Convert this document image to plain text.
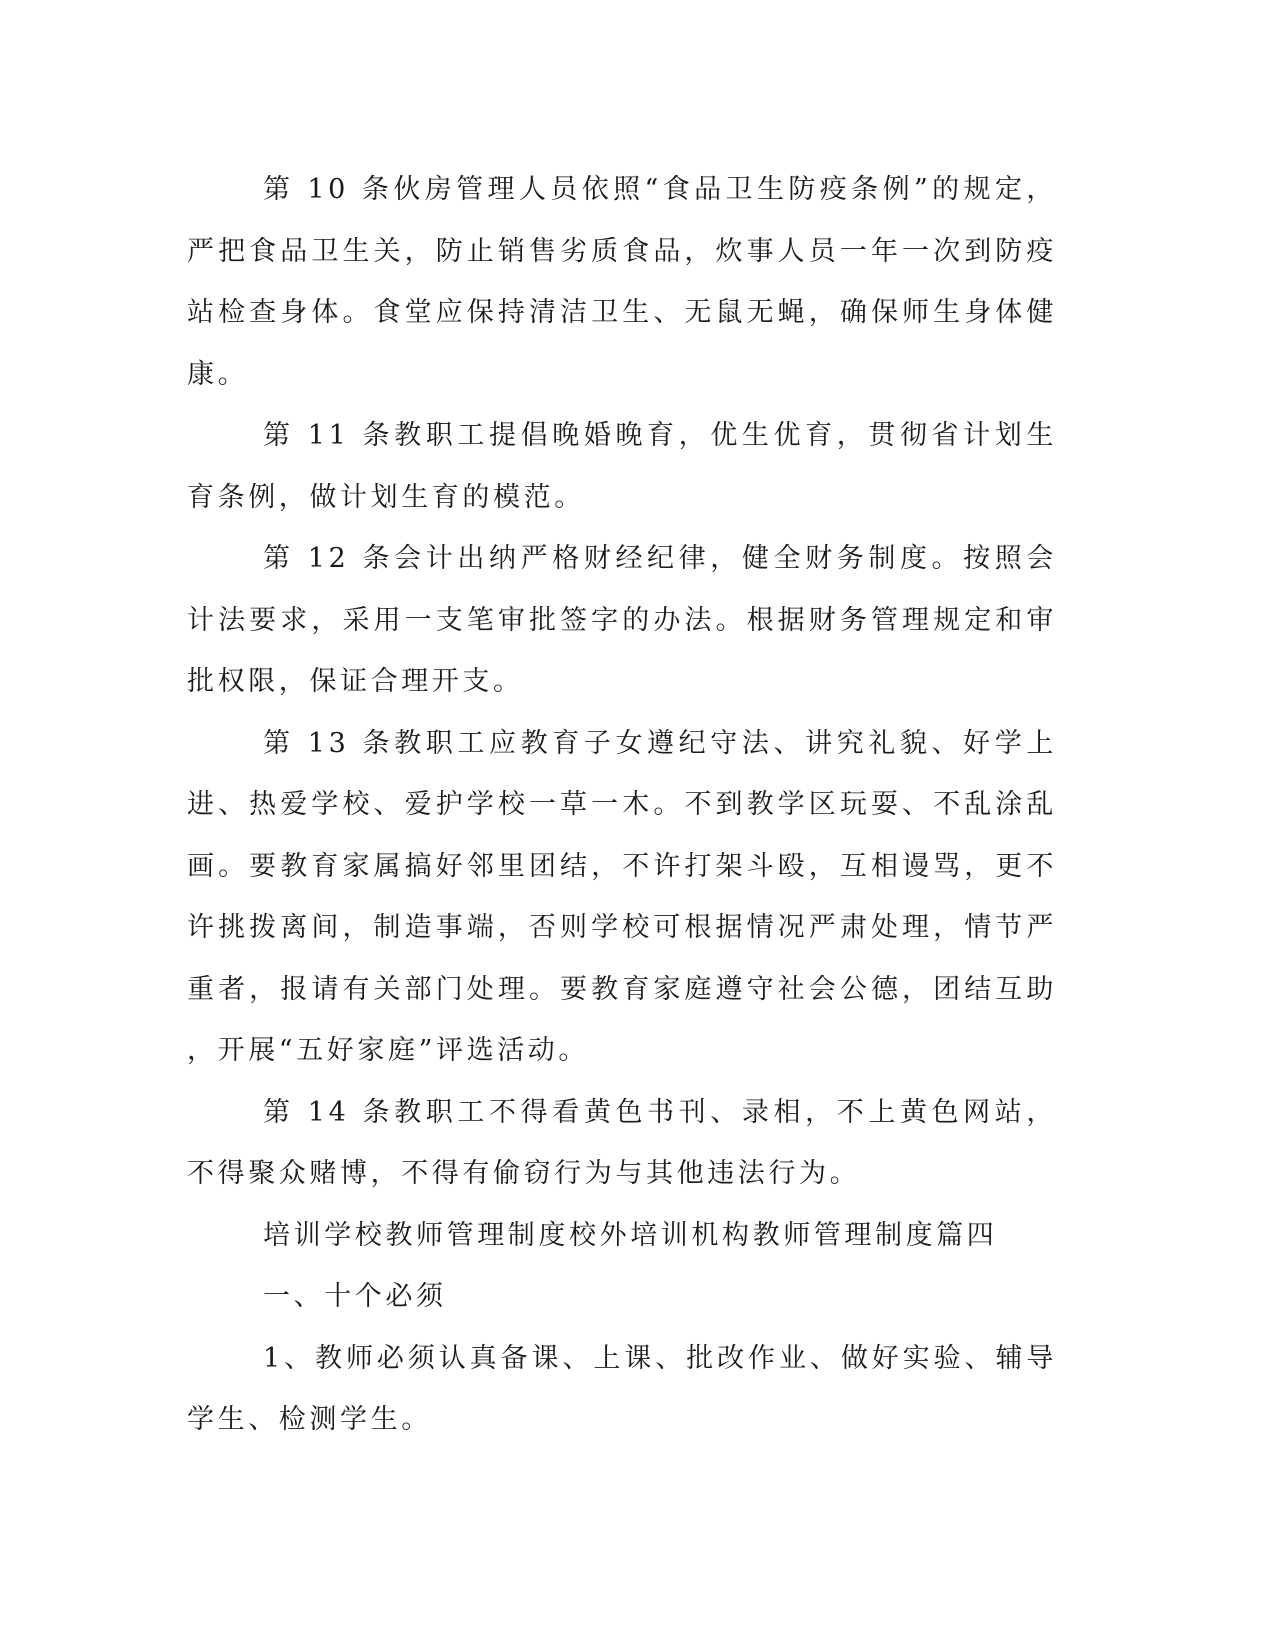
第 10 条伙房管理人员依照“食品卫生防疫条例”的规定，严把食品卫生关，防止销售劣质食品，炊事人员一年一次到防疫站检查身体。食堂应保持清洁卫生、无鼠无蝇，确保师生身体健康。

第 11 条教职工提倡晚婚晚育，优生优育，贯彻省计划生育条例，做计划生育的模范。

第 12 条会计出纳严格财经纪律，健全财务制度。按照会计法要求，采用一支笔审批签字的办法。根据财务管理规定和审批权限，保证合理开支。

第 13 条教职工应教育子女遵纪守法、讲究礼貌、好学上进、热爱学校、爱护学校一草一木。不到教学区玩耍、不乱涂乱画。要教育家属搞好邻里团结，不许打架斗殴，互相谩骂，更不许挑拨离间，制造事端，否则学校可根据情况严肃处理，情节严重者，报请有关部门处理。要教育家庭遵守社会公德，团结互助，开展“五好家庭”评选活动。

第 14 条教职工不得看黄色书刊、录相，不上黄色网站，不得聚众赌博，不得有偷窃行为与其他违法行为。

培训学校教师管理制度校外培训机构教师管理制度篇四

一、十个必须

1、教师必须认真备课、上课、批改作业、做好实验、辅导学生、检测学生。
